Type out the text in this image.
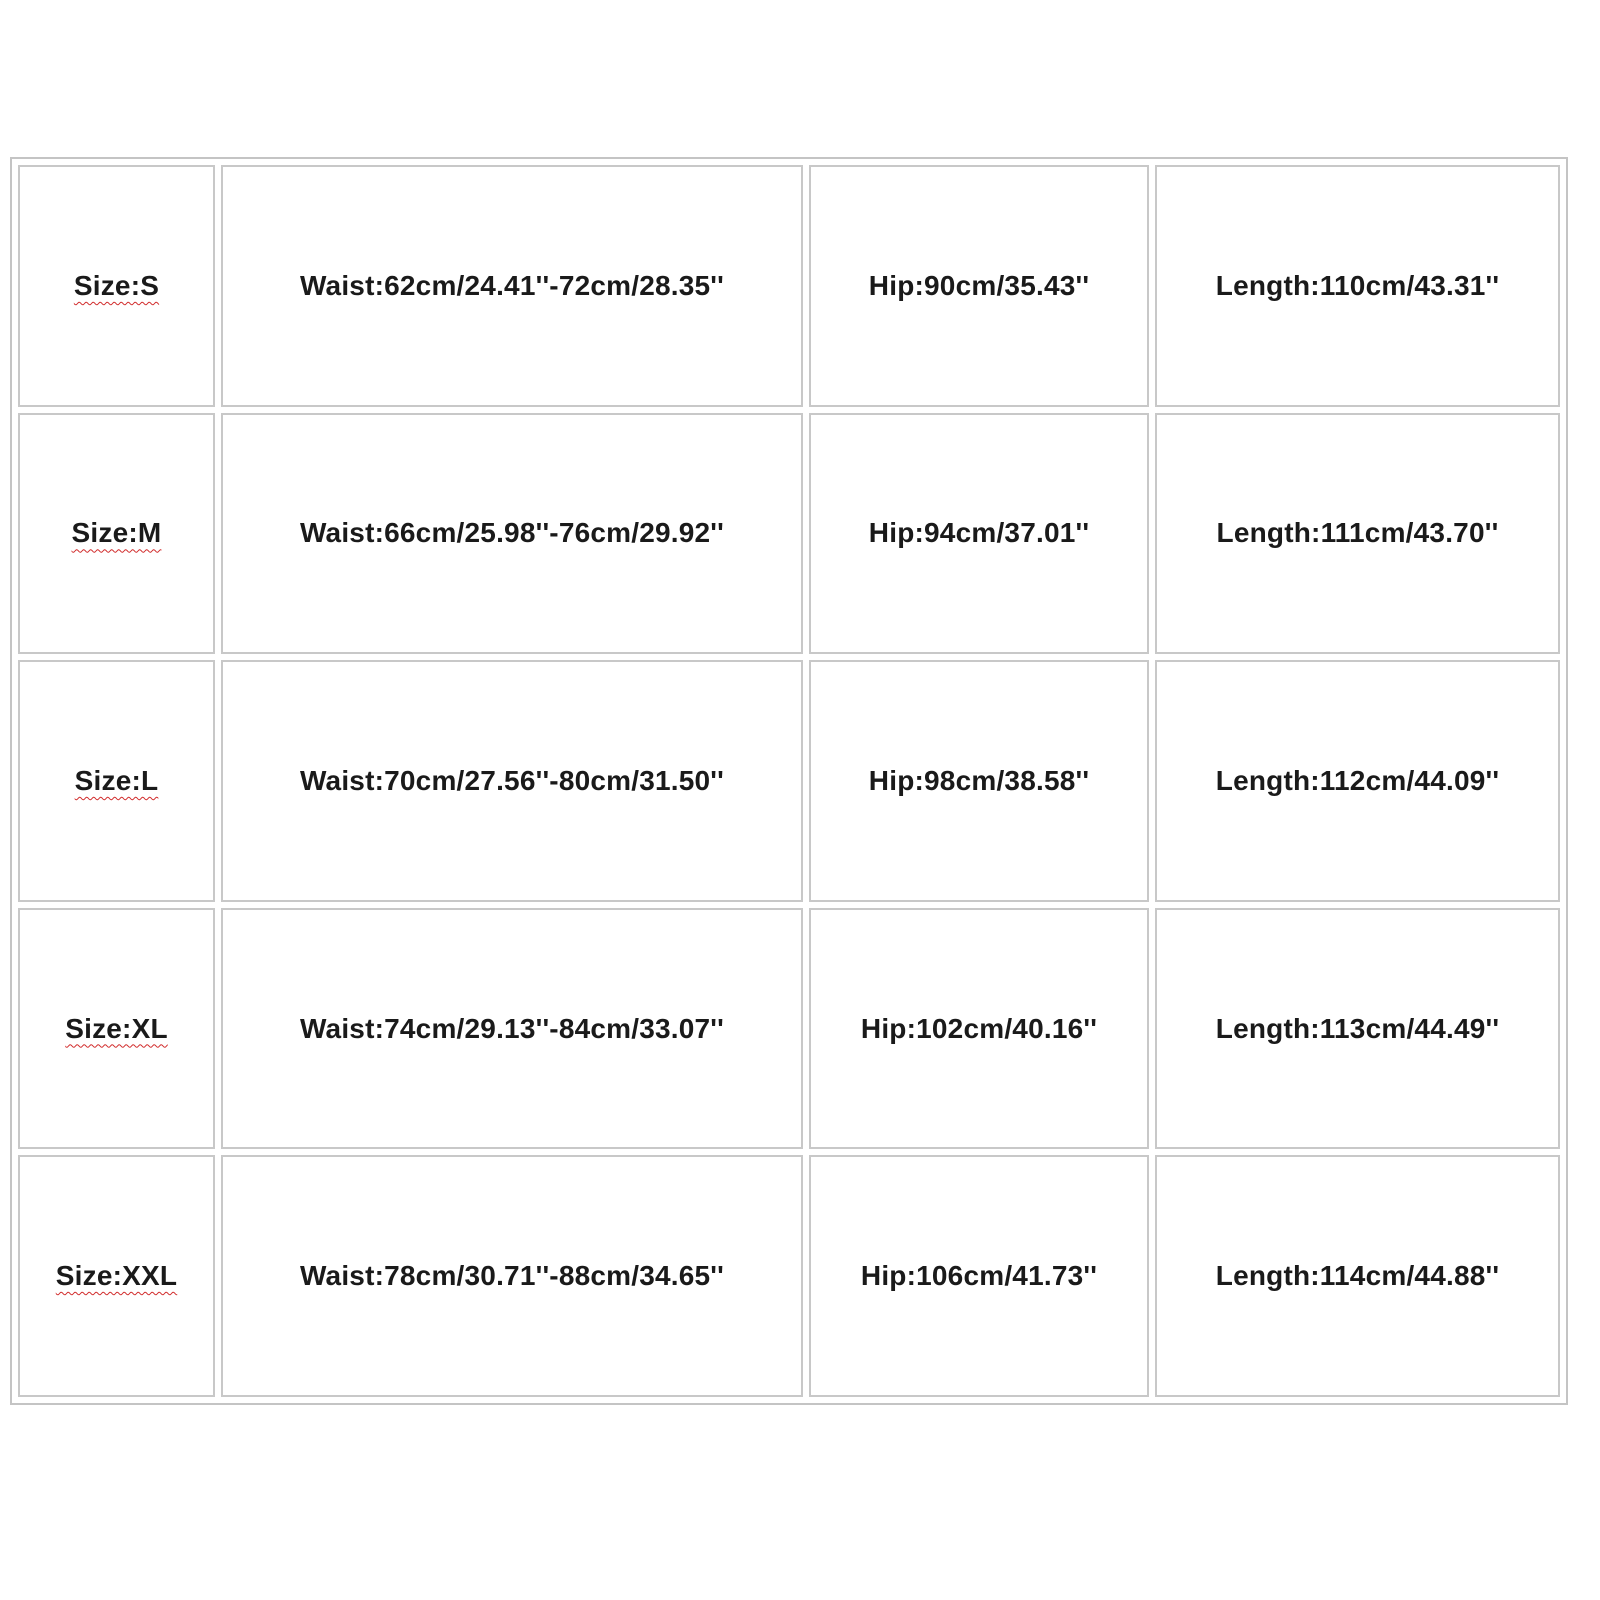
Size:S	Waist:62cm/24.41''-72cm/28.35''	Hip:90cm/35.43''	Length:110cm/43.31''
Size:M	Waist:66cm/25.98''-76cm/29.92''	Hip:94cm/37.01''	Length:111cm/43.70''
Size:L	Waist:70cm/27.56''-80cm/31.50''	Hip:98cm/38.58''	Length:112cm/44.09''
Size:XL	Waist:74cm/29.13''-84cm/33.07''	Hip:102cm/40.16''	Length:113cm/44.49''
Size:XXL	Waist:78cm/30.71''-88cm/34.65''	Hip:106cm/41.73''	Length:114cm/44.88''
